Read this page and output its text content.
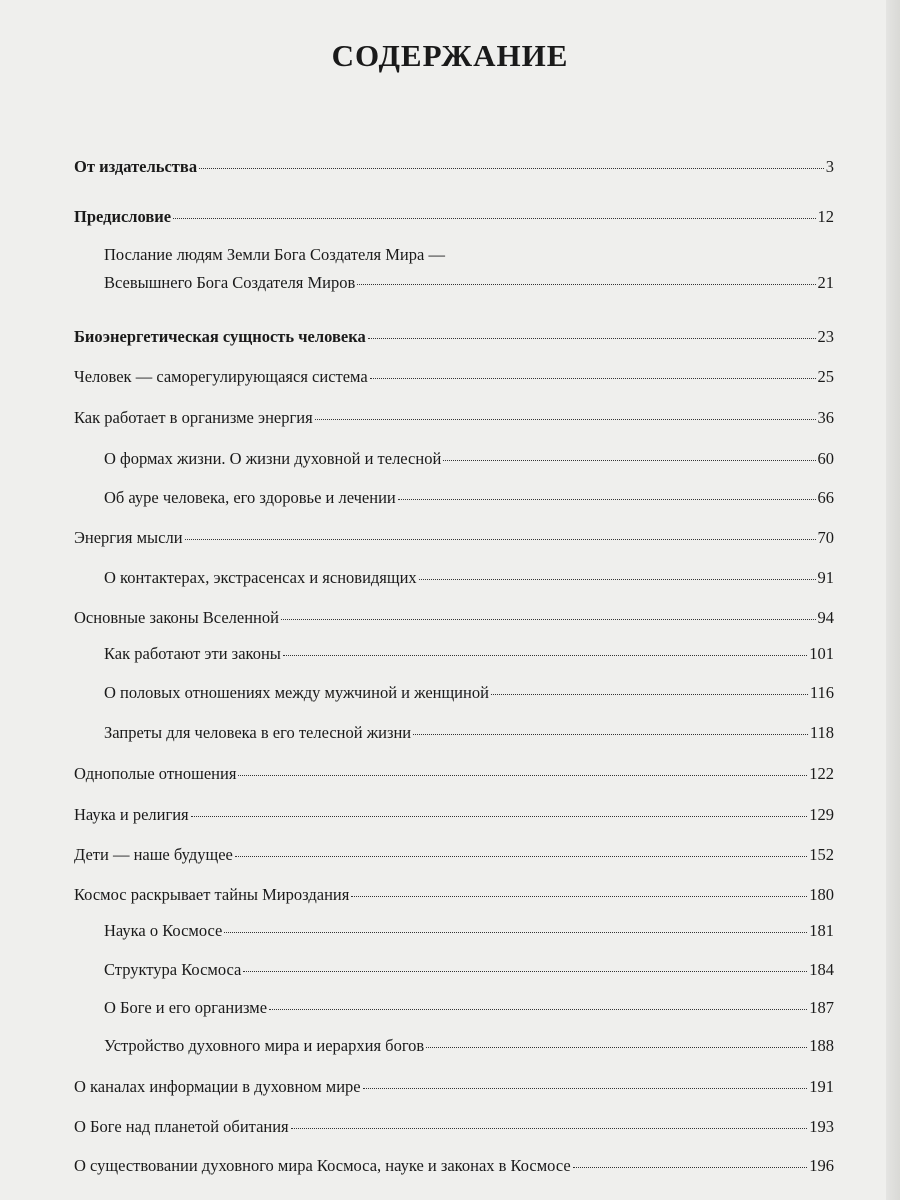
СОДЕРЖАНИЕ
От издательства	3
Предисловие	12
Послание людям Земли Бога Создателя Мира —
Всевышнего Бога Создателя Миров	21
Биоэнергетическая сущность человека	23
Человек — саморегулирующаяся система	25
Как работает в организме энергия	36
О формах жизни. О жизни духовной и телесной	60
Об ауре человека, его здоровье и лечении	66
Энергия мысли	70
О контактерах, экстрасенсах и ясновидящих	91
Основные законы Вселенной	94
Как работают эти законы	101
О половых отношениях между мужчиной и женщиной	116
Запреты для человека в его телесной жизни	118
Однополые отношения	122
Наука и религия	129
Дети — наше будущее	152
Космос раскрывает тайны Мироздания	180
Наука о Космосе	181
Структура Космоса	184
О Боге и его организме	187
Устройство духовного мира и иерархия богов	188
О каналах информации в духовном мире	191
О Боге над планетой обитания	193
О существовании духовного мира Космоса, науке и законах в Космосе	196
